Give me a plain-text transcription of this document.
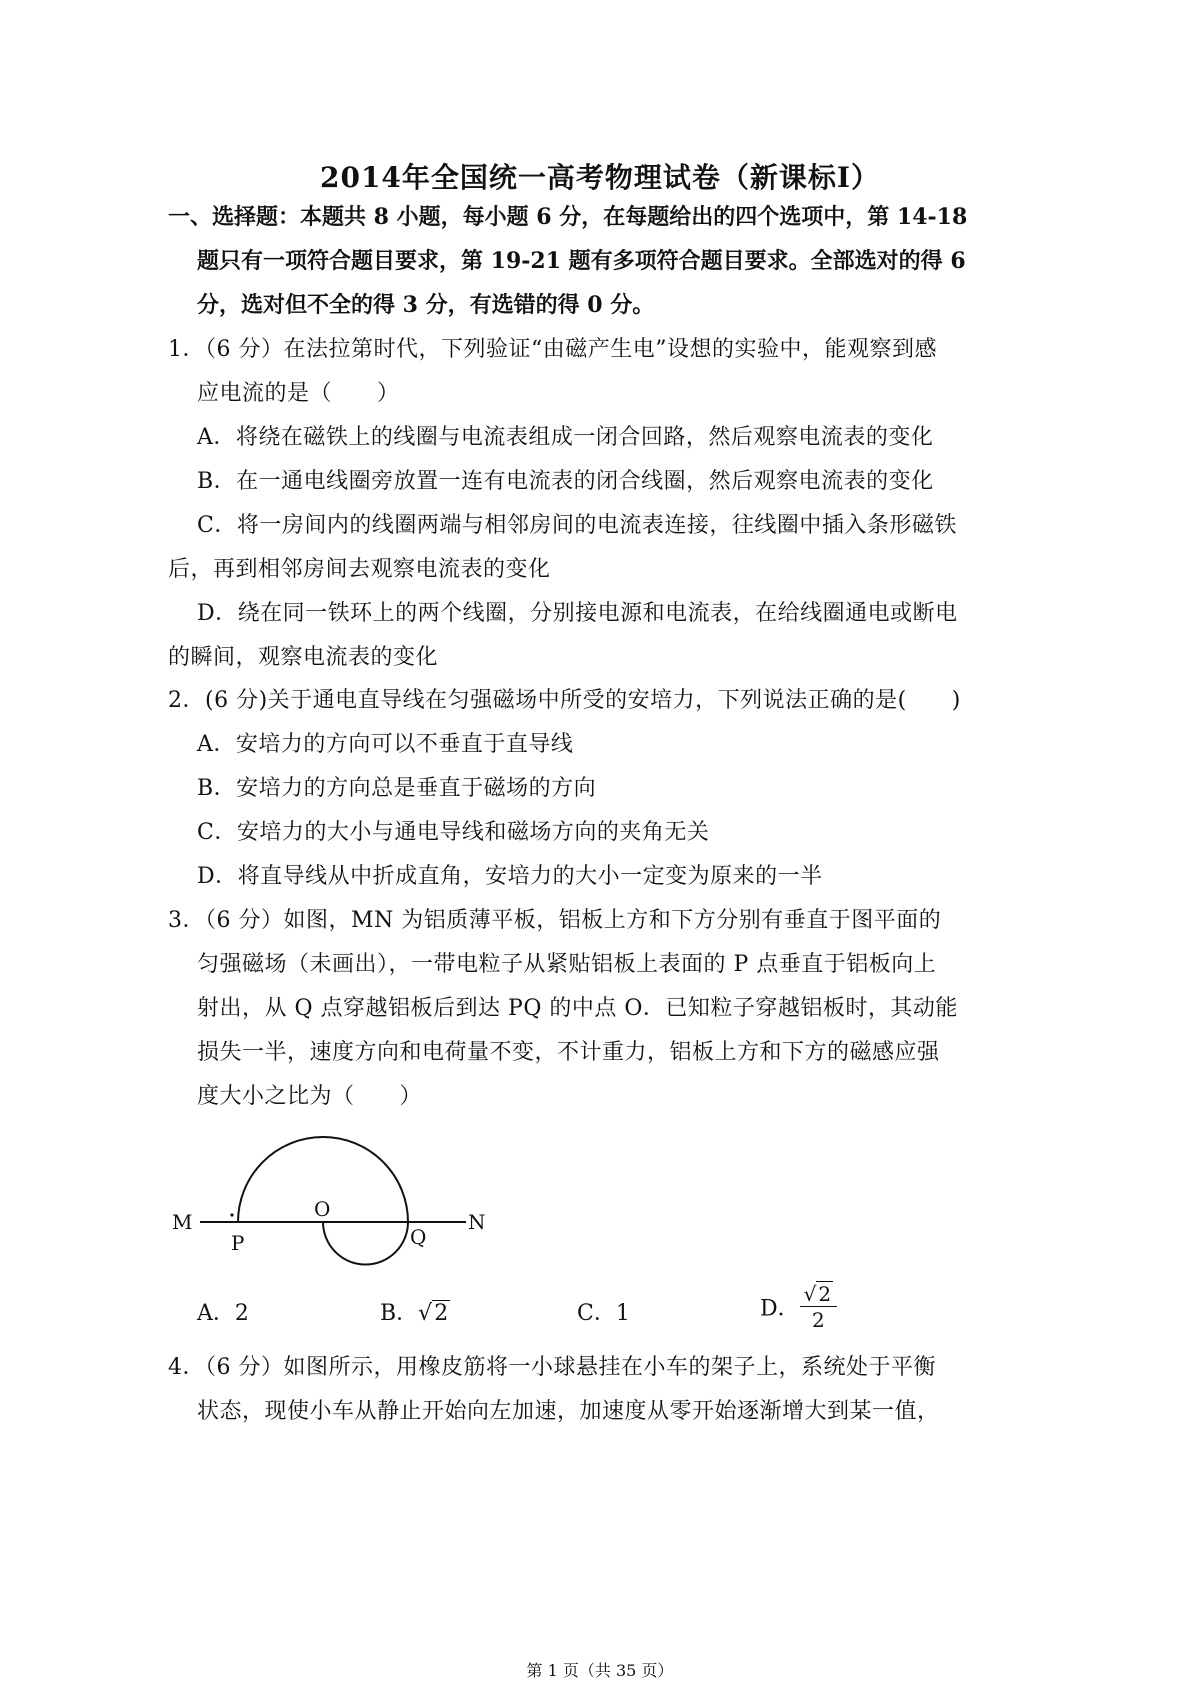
2014年全国统一高考物理试卷（新课标Ⅰ）
一、选择题：本题共 8 小题，每小题 6 分，在每题给出的四个选项中，第 14-18
题只有一项符合题目要求，第 19-21 题有多项符合题目要求。全部选对的得 6
分，选对但不全的得 3 分，有选错的得 0 分。
1．（6 分）在法拉第时代，下列验证“由磁产生电”设想的实验中，能观察到感
应电流的是（　　）
A．将绕在磁铁上的线圈与电流表组成一闭合回路，然后观察电流表的变化
B．在一通电线圈旁放置一连有电流表的闭合线圈，然后观察电流表的变化
C．将一房间内的线圈两端与相邻房间的电流表连接，往线圈中插入条形磁铁
后，再到相邻房间去观察电流表的变化
D．绕在同一铁环上的两个线圈，分别接电源和电流表，在给线圈通电或断电
的瞬间，观察电流表的变化
2．(6 分)关于通电直导线在匀强磁场中所受的安培力，下列说法正确的是(　　)
A．安培力的方向可以不垂直于直导线
B．安培力的方向总是垂直于磁场的方向
C．安培力的大小与通电导线和磁场方向的夹角无关
D．将直导线从中折成直角，安培力的大小一定变为原来的一半
3．（6 分）如图，MN 为铝质薄平板，铝板上方和下方分别有垂直于图平面的
匀强磁场（未画出），一带电粒子从紧贴铝板上表面的 P 点垂直于铝板向上
射出，从 Q 点穿越铝板后到达 PQ 的中点 O．已知粒子穿越铝板时，其动能
损失一半，速度方向和电荷量不变，不计重力，铝板上方和下方的磁感应强
度大小之比为（　　）
M	N
P
O
Q
A．2	B．√2	C．1	D． $\frac{√ 2}{2}$
4．（6 分）如图所示，用橡皮筋将一小球悬挂在小车的架子上，系统处于平衡
状态，现使小车从静止开始向左加速，加速度从零开始逐渐增大到某一值，
第 1 页（共 35 页）
